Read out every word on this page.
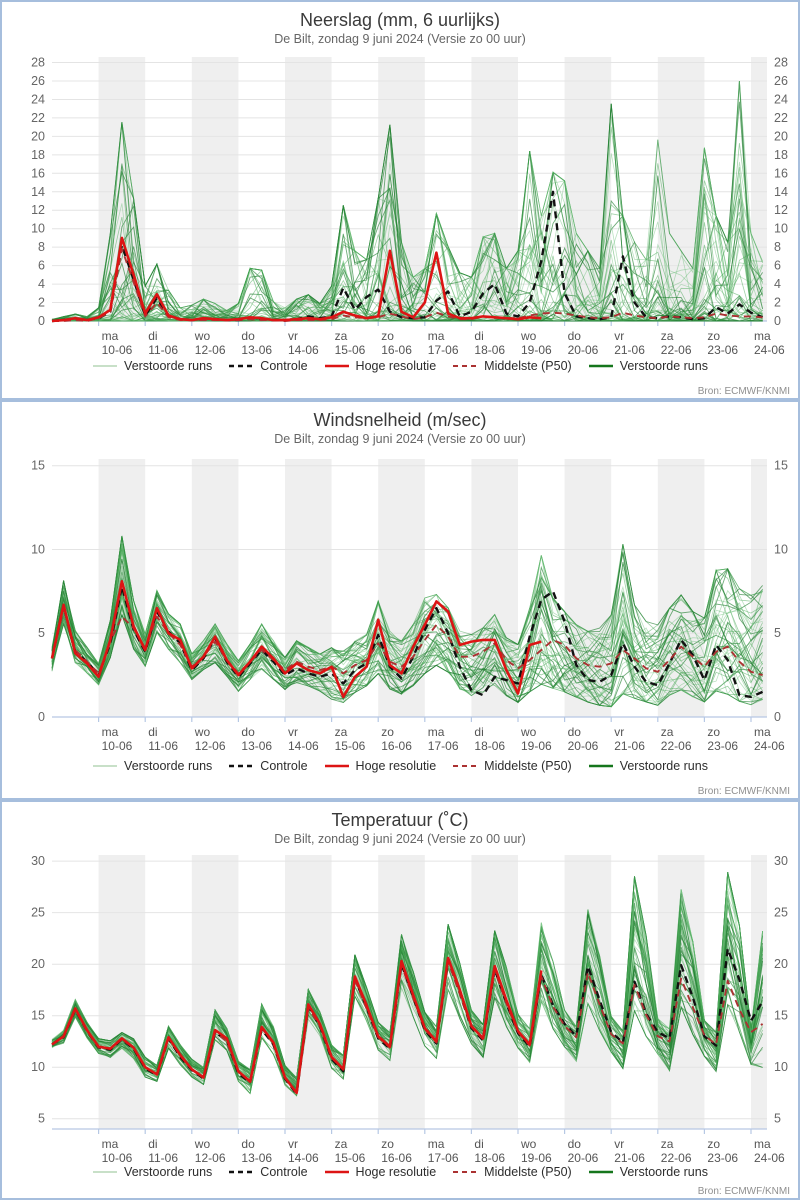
Neerslag (mm, 6 uurlijks)
De Bilt, zondag 9 juni 2024 (Versie zo 00 uur)
0	0
2	2
4	4
6	6
8	8
10	10
12	12
14	14
16	16
18	18
20	20
22	22
24	24
26	26
28	28
ma
10-06
di
11-06
wo
12-06
do
13-06
vr
14-06
za
15-06
zo
16-06
ma
17-06
di
18-06
wo
19-06
do
20-06
vr
21-06
za
22-06
zo
23-06
ma
24-06
Verstoorde runs	Controle	Hoge resolutie	Middelste (P50)	Verstoorde runs
Bron: ECMWF/KNMI
Windsnelheid (m/sec)
De Bilt, zondag 9 juni 2024 (Versie zo 00 uur)
0	0
5	5
10	10
15	15
ma
10-06
di
11-06
wo
12-06
do
13-06
vr
14-06
za
15-06
zo
16-06
ma
17-06
di
18-06
wo
19-06
do
20-06
vr
21-06
za
22-06
zo
23-06
ma
24-06
Verstoorde runs	Controle	Hoge resolutie	Middelste (P50)	Verstoorde runs
Bron: ECMWF/KNMI
Temperatuur (˚C)
De Bilt, zondag 9 juni 2024 (Versie zo 00 uur)
5	5
10	10
15	15
20	20
25	25
30	30
ma
10-06
di
11-06
wo
12-06
do
13-06
vr
14-06
za
15-06
zo
16-06
ma
17-06
di
18-06
wo
19-06
do
20-06
vr
21-06
za
22-06
zo
23-06
ma
24-06
Verstoorde runs	Controle	Hoge resolutie	Middelste (P50)	Verstoorde runs
Bron: ECMWF/KNMI
